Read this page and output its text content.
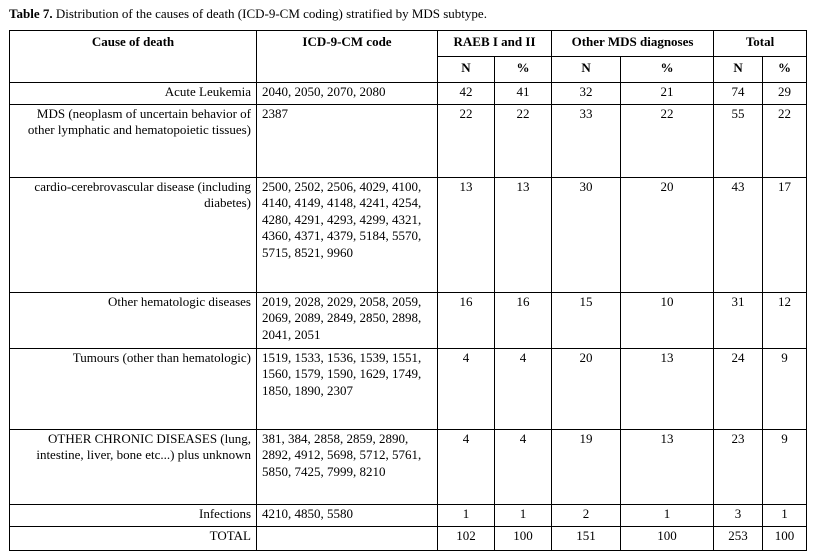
Table 7. Distribution of the causes of death (ICD-9-CM coding) stratified by MDS subtype.
Cause of death	ICD-9-CM code	RAEB I and II		Other MDS diagnoses		Total	
		N	%	N	%	N	%
Acute Leukemia	2040, 2050, 2070, 2080	42	41	32	21	74	29
MDS (neoplasm of uncertain behavior of other lymphatic and hematopoietic tissues)	2387	22	22	33	22	55	22
cardio-cerebrovascular disease (including diabetes)	2500, 2502, 2506, 4029, 4100, 4140, 4149, 4148, 4241, 4254, 4280, 4291, 4293, 4299, 4321, 4360, 4371, 4379, 5184, 5570, 5715, 8521, 9960	13	13	30	20	43	17
Other hematologic diseases	2019, 2028, 2029, 2058, 2059, 2069, 2089, 2849, 2850, 2898, 2041, 2051	16	16	15	10	31	12
Tumours (other than hematologic)	1519, 1533, 1536, 1539, 1551, 1560, 1579, 1590, 1629, 1749, 1850, 1890, 2307	4	4	20	13	24	9
OTHER CHRONIC DISEASES (lung, intestine, liver, bone etc...) plus unknown	381, 384, 2858, 2859, 2890, 2892, 4912, 5698, 5712, 5761, 5850, 7425, 7999, 8210	4	4	19	13	23	9
Infections	4210, 4850, 5580	1	1	2	1	3	1
TOTAL		102	100	151	100	253	100
